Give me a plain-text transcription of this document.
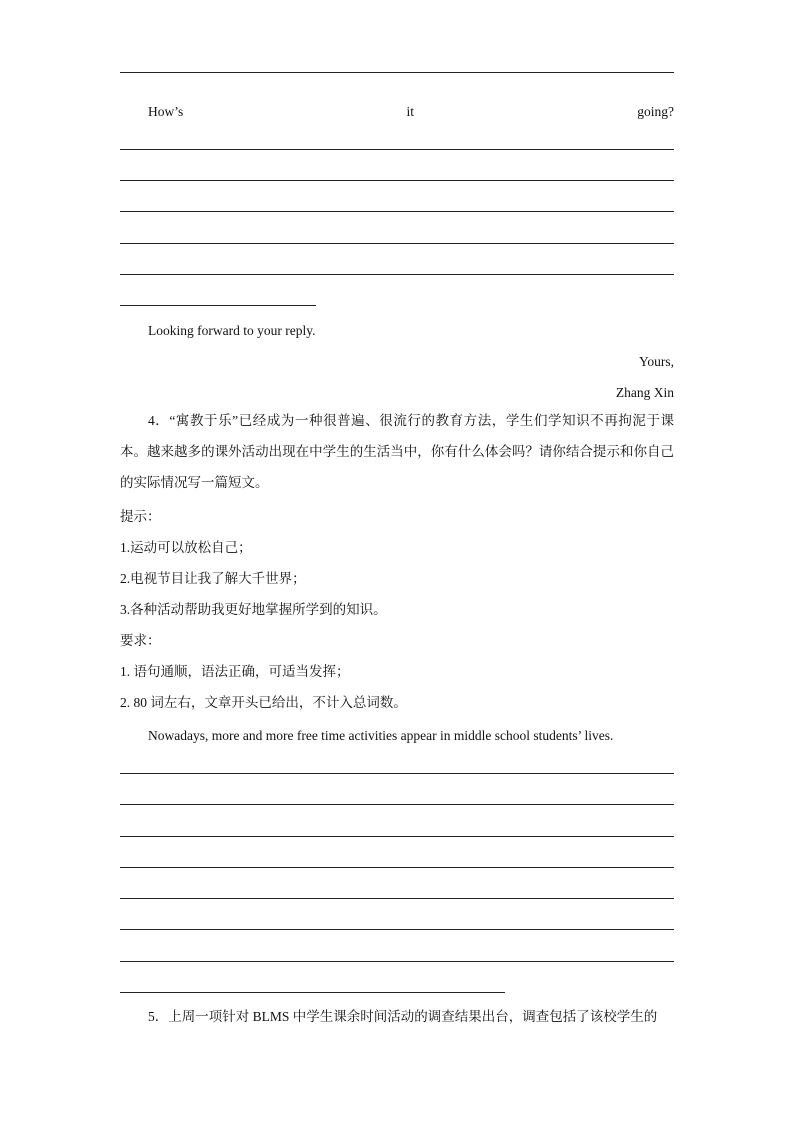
How’s	it	going?
Looking forward to your reply.
Yours,
Zhang Xin
4．“寓教于乐”已经成为一种很普遍、很流行的教育方法，学生们学知识不再拘泥于课本。越来越多的课外活动出现在中学生的生活当中，你有什么体会吗？请你结合提示和你自己的实际情况写一篇短文。
提示：
1.运动可以放松自己；
2.电视节目让我了解大千世界；
3.各种活动帮助我更好地掌握所学到的知识。
要求：
1. 语句通顺，语法正确，可适当发挥；
2. 80 词左右，文章开头已给出，不计入总词数。
Nowadays, more and more free time activities appear in middle school students’ lives.
5．上周一项针对 BLMS 中学生课余时间活动的调查结果出台，调查包括了该校学生的
